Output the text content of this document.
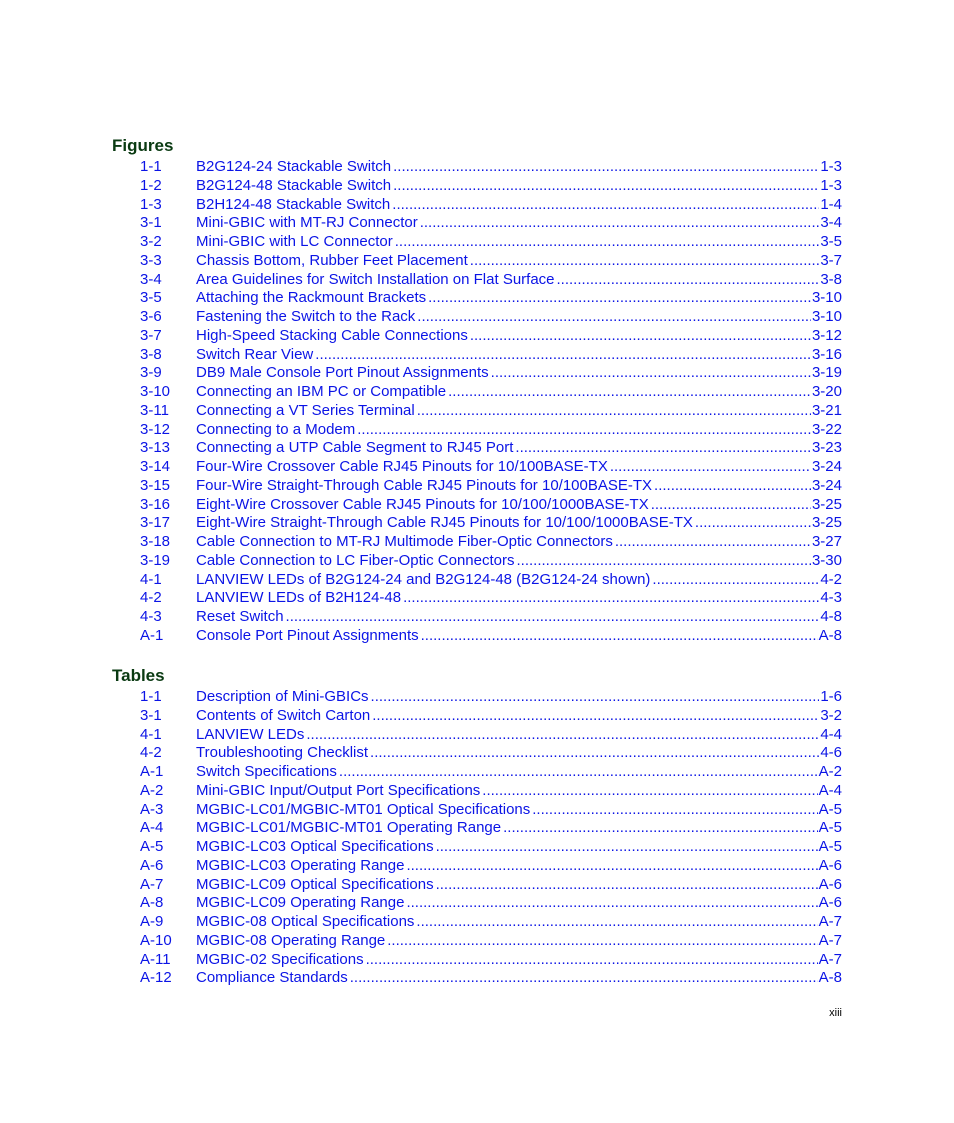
Figures
1-1 B2G124-24 Stackable Switch .....	1-3
1-2 B2G124-48 Stackable Switch .....	1-3
1-3 B2H124-48 Stackable Switch .....	1-4
3-1 Mini-GBIC with MT-RJ Connector .....	3-4
3-2 Mini-GBIC with LC Connector .....	3-5
3-3 Chassis Bottom, Rubber Feet Placement .....	3-7
3-4 Area Guidelines for Switch Installation on Flat Surface .....	3-8
3-5 Attaching the Rackmount Brackets .....	3-10
3-6 Fastening the Switch to the Rack .....	3-10
3-7 High-Speed Stacking Cable Connections .....	3-12
3-8 Switch Rear View .....	3-16
3-9 DB9 Male Console Port Pinout Assignments .....	3-19
3-10 Connecting an IBM PC or Compatible .....	3-20
3-11 Connecting a VT Series Terminal .....	3-21
3-12 Connecting to a Modem .....	3-22
3-13 Connecting a UTP Cable Segment to RJ45 Port .....	3-23
3-14 Four-Wire Crossover Cable RJ45 Pinouts for 10/100BASE-TX .....	3-24
3-15 Four-Wire Straight-Through Cable RJ45 Pinouts for 10/100BASE-TX .....	3-24
3-16 Eight-Wire Crossover Cable RJ45 Pinouts for 10/100/1000BASE-TX .....	3-25
3-17 Eight-Wire Straight-Through Cable RJ45 Pinouts for 10/100/1000BASE-TX .....	3-25
3-18 Cable Connection to MT-RJ Multimode Fiber-Optic Connectors .....	3-27
3-19 Cable Connection to LC Fiber-Optic Connectors .....	3-30
4-1 LANVIEW LEDs of B2G124-24 and B2G124-48 (B2G124-24 shown) .....	4-2
4-2 LANVIEW LEDs of B2H124-48 .....	4-3
4-3 Reset Switch .....	4-8
A-1 Console Port Pinout Assignments .....	A-8
Tables
1-1 Description of Mini-GBICs .....	1-6
3-1 Contents of Switch Carton .....	3-2
4-1 LANVIEW LEDs .....	4-4
4-2 Troubleshooting Checklist .....	4-6
A-1 Switch Specifications .....	A-2
A-2 Mini-GBIC Input/Output Port Specifications .....	A-4
A-3 MGBIC-LC01/MGBIC-MT01 Optical Specifications .....	A-5
A-4 MGBIC-LC01/MGBIC-MT01 Operating Range .....	A-5
A-5 MGBIC-LC03 Optical Specifications .....	A-5
A-6 MGBIC-LC03 Operating Range .....	A-6
A-7 MGBIC-LC09 Optical Specifications .....	A-6
A-8 MGBIC-LC09 Operating Range .....	A-6
A-9 MGBIC-08 Optical Specifications .....	A-7
A-10 MGBIC-08 Operating Range .....	A-7
A-11 MGBIC-02 Specifications .....	A-7
A-12 Compliance Standards .....	A-8
xiii
